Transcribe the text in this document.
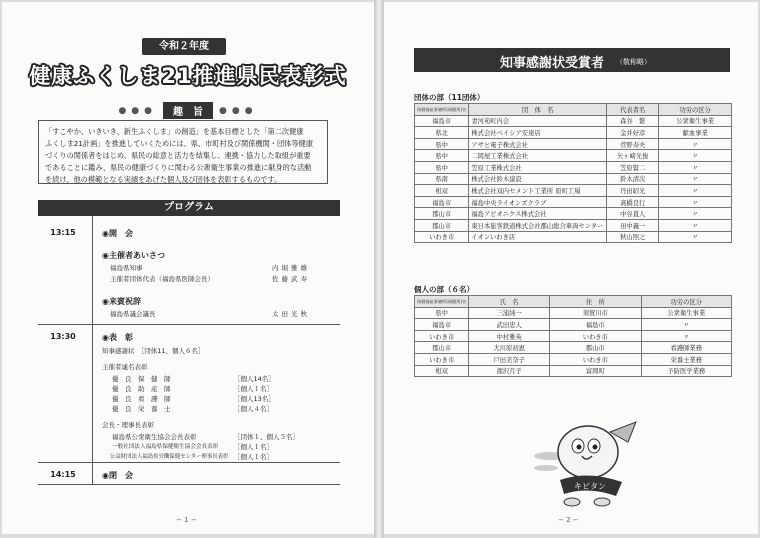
令和２年度
健康ふくしま21推進県民表彰式
●●● 趣　旨 ●●●
「すこやか、いきいき、新生ふくしま」の創造」を基本目標とした「第二次健康
ふくしま21計画」を推進していくためには、県、市町村及び関係機関・団体等健康
づくりの関係者をはじめ、県民の総意と活力を結集し、連携・協力した取組が重要
であることに鑑み、県民の健康づくりに関わる公衆衛生事業の推進に献身的な活動
を続け、他の模範となる実績をあげた個人及び団体を表彰するものです。
プログラム
13:15	◉開　会
◉主催者あいさつ
福島県知事	内堀雅雄
主催者団体代表（福島県医師会長）	佐藤武寿
◉来賓祝辞
福島県議会議長	太田光秋
13:30	◉表　彰
知事感謝状　［団体11、個人６名］
主催者連名表彰
優　良　保　健　師	［個人14名］
優　良　助　産　師	［個人１名］
優　良　看　護　師	［個人13名］
優　良　栄　養　士	［個人４名］
会長・理事長表彰
福島県公衆衛生協会会長表彰	［団体１、個人５名］
一般社団法人福島県保健衛生協会会長表彰 ［個人１名］
公益財団法人福島県労働保健センター理事長表彰 ［個人１名］
14:15	◉閉　会
− 1 −
知事感謝状受賞者 （敬称略）
団体の部（11団体）
保健福祉事務所(保健所)名	団　体　名	代表者名	功労の区分
福島市	妻河苑町内会	森谷　繁	公衆衛生事業
県北	株式会社ベイシア安達店	金井好彦	献血事業
県中	アサヒ電子株式会社	菅野寿夫	〃
県中	二岡屋工業株式会社	矢ヶ崎光俊	〃
県中	笠原工業株式会社	笠原賢二	〃
県南	株式会社鈴木建設	鈴木清次	〃
相双	株式会社双内セメント工業所 原町工場	丹田昭光	〃
福島市	福島中央ライオンズクラブ	髙橋良行	〃
郡山市	福島アビオニクス株式会社	中谷直人	〃
郡山市	東日本旅客鉄道株式会社郡山総合車両センター	田中義一	〃
いわき市	イオンいわき店	秋山照之	〃
個人の部（６名）
保健福祉事務所(保健所)名	氏　名	住　所	功労の区分
県中	三浦純一	須賀川市	公衆衛生事業
福島市	武田忠人	福島市	〃
いわき市	中村雅英	いわき市	〃
郡山市	大川原初恵	郡山市	看護師業務
いわき市	戸田美奈子	いわき市	栄養士業務
相双	渥沢月子	富岡町	予防医学業務
キビタン
− 2 −
